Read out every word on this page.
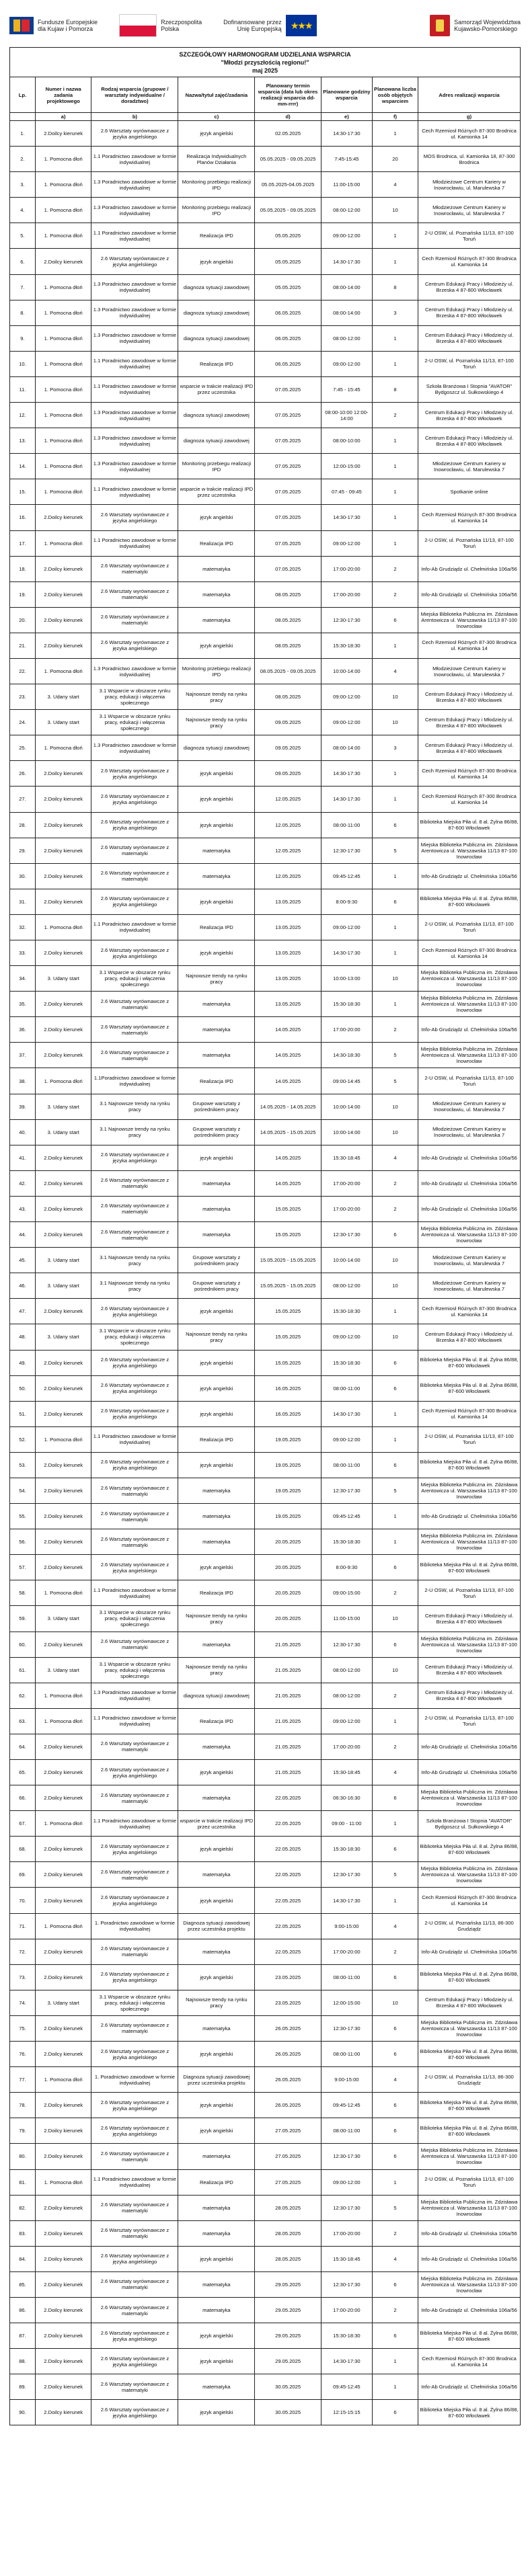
Fundusze Europejskie
dla Kujaw i Pomorza
Rzeczpospolita
Polska
Dofinansowane przez
Unię Europejską ★★★	Samorząd Województwa
Kujawsko-Pomorskiego
SZCZEGÓŁOWY HARMONOGRAM UDZIELANIA WSPARCIA
"Młodzi przyszłością regionu!"
maj 2025
Lp.	Numer i nazwa zadania projektowego	Rodzaj wsparcia (grupowe / warsztaty indywidualne / doradztwo)	Nazwa/tytuł zajęć/zadania	Planowany termin wsparcia (data lub okres realizacji wsparcia dd-mm-rrrr)	Planowane godziny wsparcia	Planowana liczba osób objętych wsparciem	Adres realizacji wsparcia
	a)	b)	c)	d)	e)	f)	g)
1.	2.Doilcy kierunek	2.6 Warsztaty wyrównawcze z języka angielskiego	język angielski	02.05.2025	14:30-17:30	1	Cech Rzemiosł Różnych 87-300 Brodnica ul. Kamionka 14
2.	1. Pomocna dłoń	1.1 Poradnictwo zawodowe w formie indywidualnej	Realizacja Indywidualnych Planów Działania	05.05.2025 - 09.05.2025	7:45-15:45	20	MOS Brodnica, ul. Kamionka 18, 87-300 Brodnica
3.	1. Pomocna dłoń	1.3 Poradnictwo zawodowe w formie indywidualnej	Monitoring przebiegu realizacji IPD	05.05.2025-04.05.2025	11:00-15:00	4	Młodzieżowe Centrum Kariery w Inowrocławiu, ul. Marulewska 7
4.	1. Pomocna dłoń	1.3 Poradnictwo zawodowe w formie indywidualnej	Monitoring przebiegu realizacji IPD	05.05.2025 - 09.05.2025	08:00-12:00	10	Młodzieżowe Centrum Kariery w Inowrocławiu, ul. Marulewska 7
5.	1. Pomocna dłoń	1.1 Poradnictwo zawodowe w formie indywidualnej	Realizacja IPD	05.05.2025	09:00-12:00	1	2-U OSW, ul. Poznańska 11/13, 87-100 Toruń
6.	2.Doilcy kierunek	2.6 Warsztaty wyrównawcze z języka angielskiego	język angielski	05.05.2025	14:30-17:30	1	Cech Rzemiosł Różnych 87-300 Brodnica ul. Kamionka 14
7.	1. Pomocna dłoń	1.3 Poradnictwo zawodowe w formie indywidualnej	diagnoza sytuacji zawodowej	05.05.2025	08:00-14:00	8	Centrum Edukacji Pracy i Młodzieży ul. Brzeska 4 87-800 Włocławek
8.	1. Pomocna dłoń	1.3 Poradnictwo zawodowe w formie indywidualnej	diagnoza sytuacji zawodowej	06.05.2025	08:00-14:00	3	Centrum Edukacji Pracy i Młodzieży ul. Brzeska 4 87-800 Włocławek
9.	1. Pomocna dłoń	1.3 Poradnictwo zawodowe w formie indywidualnej	diagnoza sytuacji zawodowej	06.05.2025	08:00-12:00	1	Centrum Edukacji Pracy i Młodzieży ul. Brzeska 4 87-800 Włocławek
10.	1. Pomocna dłoń	1.1 Poradnictwo zawodowe w formie indywidualnej	Realizacja IPD	06.05.2025	09:00-12:00	1	2-U OSW, ul. Poznańska 11/13, 87-100 Toruń
11.	1. Pomocna dłoń	1.1 Poradnictwo zawodowe w formie indywidualnej	wsparcie w trakcie realizacji IPD przez uczestnika	07.05.2025	7:45 - 15:45	8	Szkoła Branżowa I Stopnia "AVATOR" Bydgoszcz ul. Sułkowskiego 4
12.	1. Pomocna dłoń	1.3 Poradnictwo zawodowe w formie indywidualnej	diagnoza sytuacji zawodowej	07.05.2025	08:00-10:00 12:00-14:00	2	Centrum Edukacji Pracy i Młodzieży ul. Brzeska 4 87-800 Włocławek
13.	1. Pomocna dłoń	1.3 Poradnictwo zawodowe w formie indywidualnej	diagnoza sytuacji zawodowej	07.05.2025	08:00-10:00	1	Centrum Edukacji Pracy i Młodzieży ul. Brzeska 4 87-800 Włocławek
14.	1. Pomocna dłoń	1.3 Poradnictwo zawodowe w formie indywidualnej	Monitoring przebiegu realizacji IPD	07.05.2025	12:00-15:00	1	Młodzieżowe Centrum Kariery w Inowrocławiu, ul. Marulewska 7
15.	1. Pomocna dłoń	1.1 Poradnictwo zawodowe w formie indywidualnej	wsparcie w trakcie realizacji IPD przez uczestnika	07.05.2025	07:45 - 09:45	1	Spotkanie online
16.	2.Doilcy kierunek	2.6 Warsztaty wyrównawcze z języka angielskiego	język angielski	07.05.2025	14:30-17:30	1	Cech Rzemiosł Różnych 87-300 Brodnica ul. Kamionka 14
17.	1. Pomocna dłoń	1.1 Poradnictwo zawodowe w formie indywidualnej	Realizacja IPD	07.05.2025	09:00-12:00	1	2-U OSW, ul. Poznańska 11/13, 87-100 Toruń
18.	2.Doilcy kierunek	2.6 Warsztaty wyrównawcze z matematyki	matematyka	07.05.2025	17:00-20:00	2	Info-Ab Grudziądz ul. Chełmińska 106a/56
19.	2.Doilcy kierunek	2.6 Warsztaty wyrównawcze z matematyki	matematyka	08.05.2025	17:00-20:00	2	Info-Ab Grudziądz ul. Chełmińska 106a/56
20.	2.Doilcy kierunek	2.6 Warsztaty wyrównawcze z matematyki	matematyka	08.05.2025	12:30-17:30	6	Miejska Biblioteka Publiczna im. Zdzisława Arentowicza ul. Warszawska 11/13 87-100 Inowrocław
21.	2.Doilcy kierunek	2.6 Warsztaty wyrównawcze z języka angielskiego	język angielski	08.05.2025	15:30-18:30	1	Cech Rzemiosł Różnych 87-300 Brodnica ul. Kamionka 14
22.	1. Pomocna dłoń	1.3 Poradnictwo zawodowe w formie indywidualnej	Monitoring przebiegu realizacji IPD	08.05.2025 - 09.05.2025	10:00-14:00	4	Młodzieżowe Centrum Kariery w Inowrocławiu, ul. Marulewska 7
23.	3. Udany start	3.1 Wsparcie w obszarze rynku pracy, edukacji i włączenia społecznego	Najnowsze trendy na rynku pracy	08.05.2025	09:00-12:00	10	Centrum Edukacji Pracy i Młodzieży ul. Brzeska 4 87-800 Włocławek
24.	3. Udany start	3.1 Wsparcie w obszarze rynku pracy, edukacji i włączenia społecznego	Najnowsze trendy na rynku pracy	09.05.2025	09:00-12:00	10	Centrum Edukacji Pracy i Młodzieży ul. Brzeska 4 87-800 Włocławek
25.	1. Pomocna dłoń	1.3 Poradnictwo zawodowe w formie indywidualnej	diagnoza sytuacji zawodowej	09.05.2025	08:00-14:00	3	Centrum Edukacji Pracy i Młodzieży ul. Brzeska 4 87-800 Włocławek
26.	2.Doilcy kierunek	2.6 Warsztaty wyrównawcze z języka angielskiego	język angielski	09.05.2025	14:30-17:30	1	Cech Rzemiosł Różnych 87-300 Brodnica ul. Kamionka 14
27.	2.Doilcy kierunek	2.6 Warsztaty wyrównawcze z języka angielskiego	język angielski	12.05.2025	14:30-17:30	1	Cech Rzemiosł Różnych 87-300 Brodnica ul. Kamionka 14
28.	2.Doilcy kierunek	2.6 Warsztaty wyrównawcze z języka angielskiego	język angielski	12.05.2025	08:00-11:00	6	Biblioteka Miejska Piła ul. 8 al. Żylna 86/88, 87-600 Włocławek
29.	2.Doilcy kierunek	2.6 Warsztaty wyrównawcze z matematyki	matematyka	12.05.2025	12:30-17:30	5	Miejska Biblioteka Publiczna im. Zdzisława Arentowicza ul. Warszawska 11/13 87-100 Inowrocław
30.	2.Doilcy kierunek	2.6 Warsztaty wyrównawcze z matematyki	matematyka	12.05.2025	09:45-12:45	1	Info-Ab Grudziądz ul. Chełmińska 106a/56
31.	2.Doilcy kierunek	2.6 Warsztaty wyrównawcze z języka angielskiego	język angielski	13.05.2025	8:00-9:30	6	Biblioteka Miejska Piła ul. 8 al. Żylna 86/88, 87-600 Włocławek
32.	1. Pomocna dłoń	1.1 Poradnictwo zawodowe w formie indywidualnej	Realizacja IPD	13.05.2025	09:00-12:00	1	2-U OSW, ul. Poznańska 11/13, 87-100 Toruń
33.	2.Doilcy kierunek	2.6 Warsztaty wyrównawcze z języka angielskiego	język angielski	13.05.2025	14:30-17:30	1	Cech Rzemiosł Różnych 87-300 Brodnica ul. Kamionka 14
34.	3. Udany start	3.1 Wsparcie w obszarze rynku pracy, edukacji i włączenia społecznego	Najnowsze trendy na rynku pracy	13.05.2025	10:00-13:00	10	Miejska Biblioteka Publiczna im. Zdzisława Arentowicza ul. Warszawska 11/13 87-100 Inowrocław
35.	2.Doilcy kierunek	2.6 Warsztaty wyrównawcze z matematyki	matematyka	13.05.2025	15:30-18:30	1	Miejska Biblioteka Publiczna im. Zdzisława Arentowicza ul. Warszawska 11/13 87-100 Inowrocław
36.	2.Doilcy kierunek	2.6 Warsztaty wyrównawcze z matematyki	matematyka	14.05.2025	17:00-20:00	2	Info-Ab Grudziądz ul. Chełmińska 106a/56
37.	2.Doilcy kierunek	2.6 Warsztaty wyrównawcze z matematyki	matematyka	14.05.2025	14:30-18:30	5	Miejska Biblioteka Publiczna im. Zdzisława Arentowicza ul. Warszawska 11/13 87-100 Inowrocław
38.	1. Pomocna dłoń	1.1Poradnictwo zawodowe w formie indywidualnej	Realizacja IPD	14.05.2025	09:00-14:45	5	2-U OSW, ul. Poznańska 11/13, 87-100 Toruń
39.	3. Udany start	3.1 Najnowsze trendy na rynku pracy	Grupowe warsztaty z pośrednikiem pracy	14.05.2025 - 14.05.2025	10:00-14:00	10	Młodzieżowe Centrum Kariery w Inowrocławiu, ul. Marulewska 7
40.	3. Udany start	3.1 Najnowsze trendy na rynku pracy	Grupowe warsztaty z pośrednikiem pracy	14.05.2025 - 15.05.2025	10:00-14:00	10	Młodzieżowe Centrum Kariery w Inowrocławiu, ul. Marulewska 7
41.	2.Doilcy kierunek	2.6 Warsztaty wyrównawcze z języka angielskiego	język angielski	14.05.2025	15:30-18:45	4	Info-Ab Grudziądz ul. Chełmińska 106a/56
42.	2.Doilcy kierunek	2.6 Warsztaty wyrównawcze z matematyki	matematyka	14.05.2025	17:00-20:00	2	Info-Ab Grudziądz ul. Chełmińska 106a/56
43.	2.Doilcy kierunek	2.6 Warsztaty wyrównawcze z matematyki	matematyka	15.05.2025	17:00-20:00	2	Info-Ab Grudziądz ul. Chełmińska 106a/56
44.	2.Doilcy kierunek	2.6 Warsztaty wyrównawcze z matematyki	matematyka	15.05.2025	12:30-17:30	6	Miejska Biblioteka Publiczna im. Zdzisława Arentowicza ul. Warszawska 11/13 87-100 Inowrocław
45.	3. Udany start	3.1 Najnowsze trendy na rynku pracy	Grupowe warsztaty z pośrednikiem pracy	15.05.2025 - 15.05.2025	10:00-14:00	10	Młodzieżowe Centrum Kariery w Inowrocławiu, ul. Marulewska 7
46.	3. Udany start	3.1 Najnowsze trendy na rynku pracy	Grupowe warsztaty z pośrednikiem pracy	15.05.2025 - 15.05.2025	08:00-12:00	10	Młodzieżowe Centrum Kariery w Inowrocławiu, ul. Marulewska 7
47.	2.Doilcy kierunek	2.6 Warsztaty wyrównawcze z języka angielskiego	język angielski	15.05.2025	15:30-18:30	1	Cech Rzemiosł Różnych 87-300 Brodnica ul. Kamionka 14
48.	3. Udany start	3.1 Wsparcie w obszarze rynku pracy, edukacji i włączenia społecznego	Najnowsze trendy na rynku pracy	15.05.2025	09:00-12:00	10	Centrum Edukacji Pracy i Młodzieży ul. Brzeska 4 87-800 Włocławek
49.	2.Doilcy kierunek	2.6 Warsztaty wyrównawcze z języka angielskiego	język angielski	15.05.2025	15:30-18:30	6	Biblioteka Miejska Piła ul. 8 al. Żylna 86/88, 87-600 Włocławek
50.	2.Doilcy kierunek	2.6 Warsztaty wyrównawcze z języka angielskiego	język angielski	16.05.2025	08:00-11:00	6	Biblioteka Miejska Piła ul. 8 al. Żylna 86/88, 87-600 Włocławek
51.	2.Doilcy kierunek	2.6 Warsztaty wyrównawcze z języka angielskiego	język angielski	16.05.2025	14:30-17:30	1	Cech Rzemiosł Różnych 87-300 Brodnica ul. Kamionka 14
52.	1. Pomocna dłoń	1.1 Poradnictwo zawodowe w formie indywidualnej	Realizacja IPD	19.05.2025	09:00-12:00	1	2-U OSW, ul. Poznańska 11/13, 87-100 Toruń
53.	2.Doilcy kierunek	2.6 Warsztaty wyrównawcze z języka angielskiego	język angielski	19.05.2025	08:00-11:00	6	Biblioteka Miejska Piła ul. 8 al. Żylna 86/88, 87-600 Włocławek
54.	2.Doilcy kierunek	2.6 Warsztaty wyrównawcze z matematyki	matematyka	19.05.2025	12:30-17:30	5	Miejska Biblioteka Publiczna im. Zdzisława Arentowicza ul. Warszawska 11/13 87-100 Inowrocław
55.	2.Doilcy kierunek	2.6 Warsztaty wyrównawcze z matematyki	matematyka	19.05.2025	09:45-12:45	1	Info-Ab Grudziądz ul. Chełmińska 106a/56
56.	2.Doilcy kierunek	2.6 Warsztaty wyrównawcze z matematyki	matematyka	20.05.2025	15:30-18:30	1	Miejska Biblioteka Publiczna im. Zdzisława Arentowicza ul. Warszawska 11/13 87-100 Inowrocław
57.	2.Doilcy kierunek	2.6 Warsztaty wyrównawcze z języka angielskiego	język angielski	20.05.2025	8:00-9:30	6	Biblioteka Miejska Piła ul. 8 al. Żylna 86/88, 87-600 Włocławek
58.	1. Pomocna dłoń	1.1 Poradnictwo zawodowe w formie indywidualnej	Realizacja IPD	20.05.2025	09:00-15:00	2	2-U OSW, ul. Poznańska 11/13, 87-100 Toruń
59.	3. Udany start	3.1 Wsparcie w obszarze rynku pracy, edukacji i włączenia społecznego	Najnowsze trendy na rynku pracy	20.05.2025	11:00-15:00	10	Centrum Edukacji Pracy i Młodzieży ul. Brzeska 4 87-800 Włocławek
60.	2.Doilcy kierunek	2.6 Warsztaty wyrównawcze z matematyki	matematyka	21.05.2025	12:30-17:30	6	Miejska Biblioteka Publiczna im. Zdzisława Arentowicza ul. Warszawska 11/13 87-100 Inowrocław
61.	3. Udany start	3.1 Wsparcie w obszarze rynku pracy, edukacji i włączenia społecznego	Najnowsze trendy na rynku pracy	21.05.2025	08:00-12:00	10	Centrum Edukacji Pracy i Młodzieży ul. Brzeska 4 87-800 Włocławek
62.	1. Pomocna dłoń	1.3 Poradnictwo zawodowe w formie indywidualnej	diagnoza sytuacji zawodowej	21.05.2025	08:00-12:00	2	Centrum Edukacji Pracy i Młodzieży ul. Brzeska 4 87-800 Włocławek
63.	1. Pomocna dłoń	1.1 Poradnictwo zawodowe w formie indywidualnej	Realizacja IPD	21.05.2025	09:00-12:00	1	2-U OSW, ul. Poznańska 11/13, 87-100 Toruń
64.	2.Doilcy kierunek	2.6 Warsztaty wyrównawcze z matematyki	matematyka	21.05.2025	17:00-20:00	2	Info-Ab Grudziądz ul. Chełmińska 106a/56
65.	2.Doilcy kierunek	2.6 Warsztaty wyrównawcze z języka angielskiego	język angielski	21.05.2025	15:30-18:45	4	Info-Ab Grudziądz ul. Chełmińska 106a/56
66.	2.Doilcy kierunek	2.6 Warsztaty wyrównawcze z matematyki	matematyka	22.05.2025	06:30-16:30	6	Miejska Biblioteka Publiczna im. Zdzisława Arentowicza ul. Warszawska 11/13 87-100 Inowrocław
67.	1. Pomocna dłoń	1.1 Poradnictwo zawodowe w formie indywidualnej	wsparcie w trakcie realizacji IPD przez uczestnika	22.05.2025	09:00 - 11:00	1	Szkoła Branżowa I Stopnia "AVATOR" Bydgoszcz ul. Sułkowskiego 4
68.	2.Doilcy kierunek	2.6 Warsztaty wyrównawcze z języka angielskiego	język angielski	22.05.2025	15:30-18:30	6	Biblioteka Miejska Piła ul. 8 al. Żylna 86/88, 87-600 Włocławek
69.	2.Doilcy kierunek	2.6 Warsztaty wyrównawcze z matematyki	matematyka	22.05.2025	12:30-17:30	5	Miejska Biblioteka Publiczna im. Zdzisława Arentowicza ul. Warszawska 11/13 87-100 Inowrocław
70.	2.Doilcy kierunek	2.6 Warsztaty wyrównawcze z języka angielskiego	język angielski	22.05.2025	14:30-17:30	1	Cech Rzemiosł Różnych 87-300 Brodnica ul. Kamionka 14
71.	1. Pomocna dłoń	1. Poradnictwo zawodowe w formie indywidualnej	Diagnoza sytuacji zawodowej przez uczestnika projektu	22.05.2025	9:00-15:00	4	2-U OSW, ul. Poznańska 11/13, 86-300 Grudziądz
72.	2.Doilcy kierunek	2.6 Warsztaty wyrównawcze z matematyki	matematyka	22.05.2025	17:00-20:00	2	Info-Ab Grudziądz ul. Chełmińska 106a/56
73.	2.Doilcy kierunek	2.6 Warsztaty wyrównawcze z języka angielskiego	język angielski	23.05.2025	08:00-11:00	6	Biblioteka Miejska Piła ul. 8 al. Żylna 86/88, 87-600 Włocławek
74.	3. Udany start	3.1 Wsparcie w obszarze rynku pracy, edukacji i włączenia społecznego	Najnowsze trendy na rynku pracy	23.05.2025	12:00-15:00	10	Centrum Edukacji Pracy i Młodzieży ul. Brzeska 4 87-800 Włocławek
75.	2.Doilcy kierunek	2.6 Warsztaty wyrównawcze z matematyki	matematyka	26.05.2025	12:30-17:30	6	Miejska Biblioteka Publiczna im. Zdzisława Arentowicza ul. Warszawska 11/13 87-100 Inowrocław
76.	2.Doilcy kierunek	2.6 Warsztaty wyrównawcze z języka angielskiego	język angielski	26.05.2025	08:00-11:00	6	Biblioteka Miejska Piła ul. 8 al. Żylna 86/88, 87-600 Włocławek
77.	1. Pomocna dłoń	1. Poradnictwo zawodowe w formie indywidualnej	Diagnoza sytuacji zawodowej przez uczestnika projektu	26.05.2025	9:00-15:00	4	2-U OSW, ul. Poznańska 11/13, 86-300 Grudziądz
78.	2.Doilcy kierunek	2.6 Warsztaty wyrównawcze z języka angielskiego	język angielski	26.05.2025	09:45-12:45	6	Biblioteka Miejska Piła ul. 8 al. Żylna 86/88, 87-600 Włocławek
79.	2.Doilcy kierunek	2.6 Warsztaty wyrównawcze z języka angielskiego	język angielski	27.05.2025	08:00-11:00	6	Biblioteka Miejska Piła ul. 8 al. Żylna 86/88, 87-600 Włocławek
80.	2.Doilcy kierunek	2.6 Warsztaty wyrównawcze z matematyki	matematyka	27.05.2025	12:30-17:30	6	Miejska Biblioteka Publiczna im. Zdzisława Arentowicza ul. Warszawska 11/13 87-100 Inowrocław
81.	1. Pomocna dłoń	1.1 Poradnictwo zawodowe w formie indywidualnej	Realizacja IPD	27.05.2025	09:00-12:00	1	2-U OSW, ul. Poznańska 11/13, 87-100 Toruń
82.	2.Doilcy kierunek	2.6 Warsztaty wyrównawcze z matematyki	matematyka	28.05.2025	12:30-17:30	5	Miejska Biblioteka Publiczna im. Zdzisława Arentowicza ul. Warszawska 11/13 87-100 Inowrocław
83.	2.Doilcy kierunek	2.6 Warsztaty wyrównawcze z matematyki	matematyka	28.05.2025	17:00-20:00	2	Info-Ab Grudziądz ul. Chełmińska 106a/56
84.	2.Doilcy kierunek	2.6 Warsztaty wyrównawcze z języka angielskiego	język angielski	28.05.2025	15:30-18:45	4	Info-Ab Grudziądz ul. Chełmińska 106a/56
85.	2.Doilcy kierunek	2.6 Warsztaty wyrównawcze z matematyki	matematyka	29.05.2025	12:30-17:30	6	Miejska Biblioteka Publiczna im. Zdzisława Arentowicza ul. Warszawska 11/13 87-100 Inowrocław
86.	2.Doilcy kierunek	2.6 Warsztaty wyrównawcze z matematyki	matematyka	29.05.2025	17:00-20:00	2	Info-Ab Grudziądz ul. Chełmińska 106a/56
87.	2.Doilcy kierunek	2.6 Warsztaty wyrównawcze z języka angielskiego	język angielski	29.05.2025	15:30-18:30	6	Biblioteka Miejska Piła ul. 8 al. Żylna 86/88, 87-600 Włocławek
88.	2.Doilcy kierunek	2.6 Warsztaty wyrównawcze z języka angielskiego	język angielski	29.05.2025	14:30-17:30	1	Cech Rzemiosł Różnych 87-300 Brodnica ul. Kamionka 14
89.	2.Doilcy kierunek	2.6 Warsztaty wyrównawcze z matematyki	matematyka	30.05.2025	09:45-12:45	1	Info-Ab Grudziądz ul. Chełmińska 106a/56
90.	2.Doilcy kierunek	2.6 Warsztaty wyrównawcze z języka angielskiego	język angielski	30.05.2025	12:15-15:15	6	Biblioteka Miejska Piła ul. 8 al. Żylna 86/88, 87-600 Włocławek
